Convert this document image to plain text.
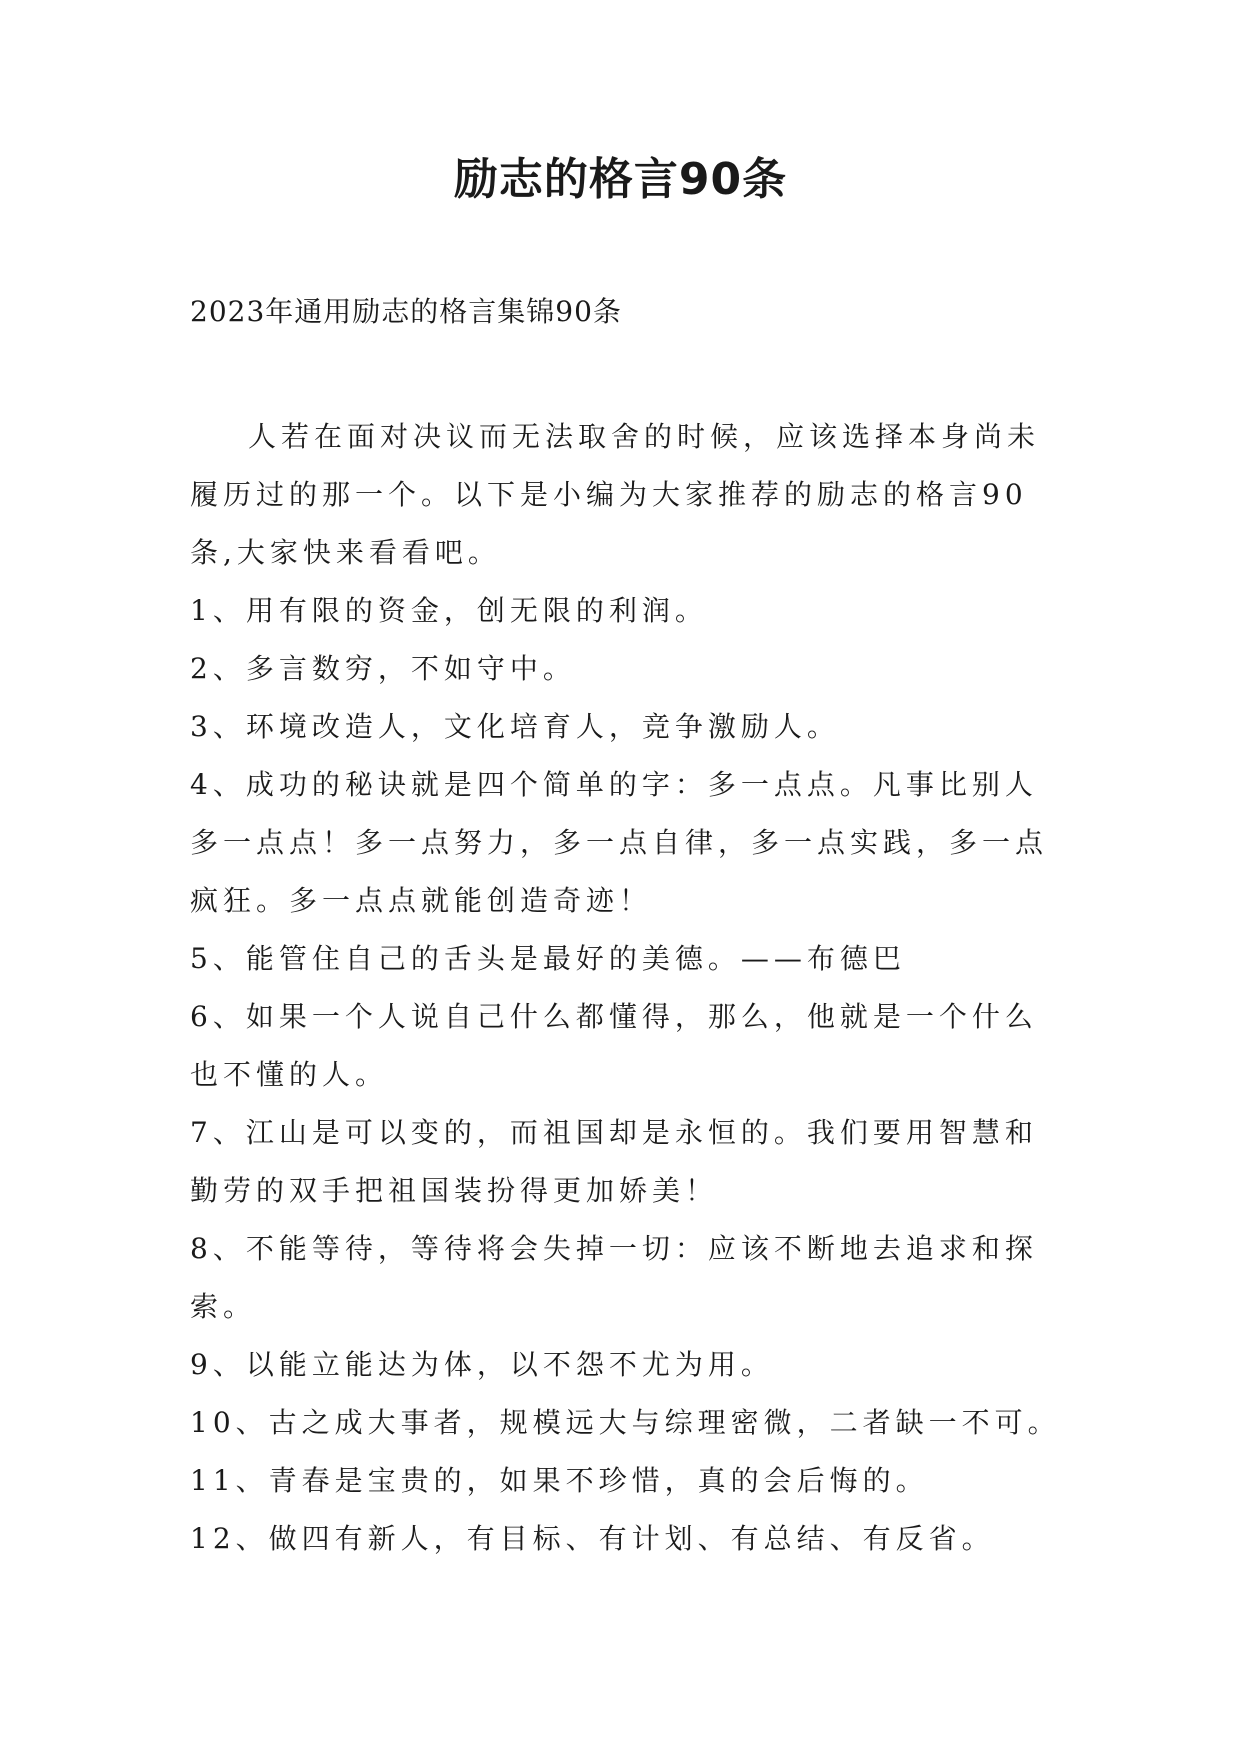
励志的格言90条
2023年通用励志的格言集锦90条
人若在面对决议而无法取舍的时候，应该选择本身尚未
履历过的那一个。以下是小编为大家推荐的励志的格言90
条,大家快来看看吧。
1、用有限的资金，创无限的利润。
2、多言数穷，不如守中。
3、环境改造人，文化培育人，竞争激励人。
4、成功的秘诀就是四个简单的字：多一点点。凡事比别人
多一点点！多一点努力，多一点自律，多一点实践，多一点
疯狂。多一点点就能创造奇迹！
5、能管住自己的舌头是最好的美德。——布德巴
6、如果一个人说自己什么都懂得，那么，他就是一个什么
也不懂的人。
7、江山是可以变的，而祖国却是永恒的。我们要用智慧和
勤劳的双手把祖国装扮得更加娇美！
8、不能等待，等待将会失掉一切：应该不断地去追求和探
索。
9、以能立能达为体，以不怨不尤为用。
10、古之成大事者，规模远大与综理密微，二者缺一不可。
11、青春是宝贵的，如果不珍惜，真的会后悔的。
12、做四有新人，有目标、有计划、有总结、有反省。
